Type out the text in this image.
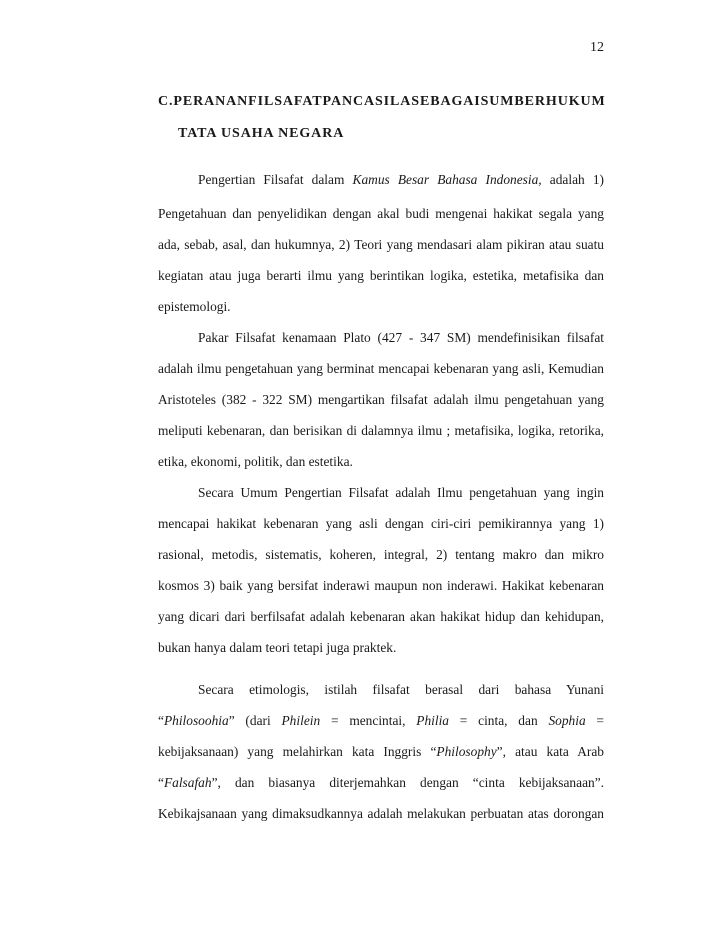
12
C. PERANAN FILSAFAT PANCASILA SEBAGAI SUMBER HUKUM
TATA USAHA NEGARA
Pengertian Filsafat dalam Kamus Besar Bahasa Indonesia, adalah 1)
Pengetahuan dan penyelidikan dengan akal budi mengenai hakikat segala yang
ada, sebab, asal, dan hukumnya, 2) Teori yang mendasari alam pikiran atau suatu
kegiatan atau juga berarti ilmu yang berintikan logika, estetika, metafisika dan
epistemologi.
Pakar Filsafat kenamaan Plato (427 - 347 SM) mendefinisikan filsafat
adalah ilmu pengetahuan yang berminat mencapai kebenaran yang asli, Kemudian
Aristoteles (382 - 322 SM) mengartikan filsafat adalah ilmu pengetahuan yang
meliputi kebenaran, dan berisikan di dalamnya ilmu ; metafisika, logika, retorika,
etika, ekonomi, politik, dan estetika.
Secara Umum Pengertian Filsafat adalah Ilmu pengetahuan yang ingin
mencapai hakikat kebenaran yang asli dengan ciri-ciri pemikirannya yang 1)
rasional, metodis, sistematis, koheren, integral, 2) tentang makro dan mikro
kosmos 3) baik yang bersifat inderawi maupun non inderawi. Hakikat kebenaran
yang dicari dari berfilsafat adalah kebenaran akan hakikat hidup dan kehidupan,
bukan hanya dalam teori tetapi juga praktek.
Secara etimologis, istilah filsafat berasal dari bahasa Yunani
“Philosoohia” (dari Philein = mencintai, Philia = cinta, dan Sophia =
kebijaksanaan) yang melahirkan kata Inggris “Philosophy”, atau kata Arab
“Falsafah”, dan biasanya diterjemahkan dengan “cinta kebijaksanaan”.
Kebikajsanaan yang dimaksudkannya adalah melakukan perbuatan atas dorongan
